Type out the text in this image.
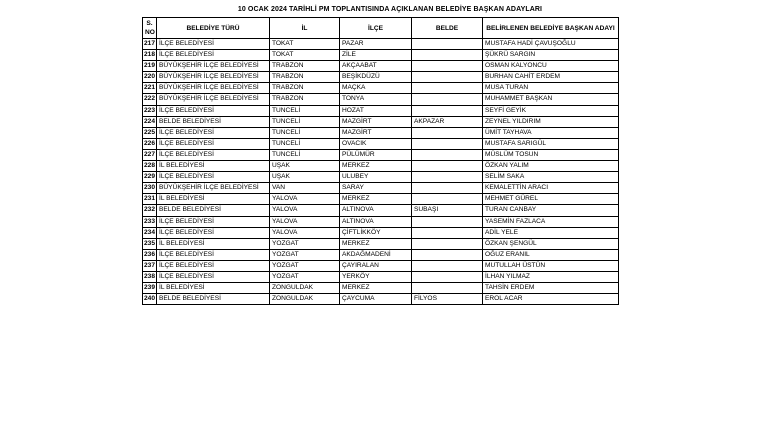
10 OCAK 2024 TARİHLİ PM TOPLANTISINDA AÇIKLANAN BELEDİYE BAŞKAN ADAYLARI
S. NO	BELEDİYE TÜRÜ	İL	İLÇE	BELDE	BELİRLENEN BELEDİYE BAŞKAN ADAYI
217	İLÇE BELEDİYESİ	TOKAT	PAZAR		MUSTAFA HADİ ÇAVUŞOĞLU
218	İLÇE BELEDİYESİ	TOKAT	ZİLE		ŞÜKRÜ SARGIN
219	BÜYÜKŞEHİR İLÇE BELEDİYESİ	TRABZON	AKÇAABAT		OSMAN KALYONCU
220	BÜYÜKŞEHİR İLÇE BELEDİYESİ	TRABZON	BEŞİKDÜZÜ		BURHAN CAHİT ERDEM
221	BÜYÜKŞEHİR İLÇE BELEDİYESİ	TRABZON	MAÇKA		MUSA TURAN
222	BÜYÜKŞEHİR İLÇE BELEDİYESİ	TRABZON	TONYA		MUHAMMET BAŞKAN
223	İLÇE BELEDİYESİ	TUNCELİ	HOZAT		SEYFİ GEYİK
224	BELDE BELEDİYESİ	TUNCELİ	MAZGİRT	AKPAZAR	ZEYNEL YILDIRIM
225	İLÇE BELEDİYESİ	TUNCELİ	MAZGİRT		ÜMİT TAYHAVA
226	İLÇE BELEDİYESİ	TUNCELİ	OVACIK		MUSTAFA SARIGÜL
227	İLÇE BELEDİYESİ	TUNCELİ	PÜLÜMÜR		MÜSLÜM TOSUN
228	İL BELEDİYESİ	UŞAK	MERKEZ		ÖZKAN YALIM
229	İLÇE BELEDİYESİ	UŞAK	ULUBEY		SELİM SAKA
230	BÜYÜKŞEHİR İLÇE BELEDİYESİ	VAN	SARAY		KEMALETTİN ARACI
231	İL BELEDİYESİ	YALOVA	MERKEZ		MEHMET GÜREL
232	BELDE BELEDİYESİ	YALOVA	ALTINOVA	SUBAŞI	TURAN CANBAY
233	İLÇE BELEDİYESİ	YALOVA	ALTINOVA		YASEMİN FAZLACA
234	İLÇE BELEDİYESİ	YALOVA	ÇİFTLİKKÖY		ADİL YELE
235	İL BELEDİYESİ	YOZGAT	MERKEZ		ÖZKAN ŞENGÜL
236	İLÇE BELEDİYESİ	YOZGAT	AKDAĞMADENİ		OĞUZ ERANIL
237	İLÇE BELEDİYESİ	YOZGAT	ÇAYIRALAN		MUTULLAH ÜSTÜN
238	İLÇE BELEDİYESİ	YOZGAT	YERKÖY		İLHAN YILMAZ
239	İL BELEDİYESİ	ZONGULDAK	MERKEZ		TAHSİN ERDEM
240	BELDE BELEDİYESİ	ZONGULDAK	ÇAYCUMA	FİLYOS	EROL ACAR
